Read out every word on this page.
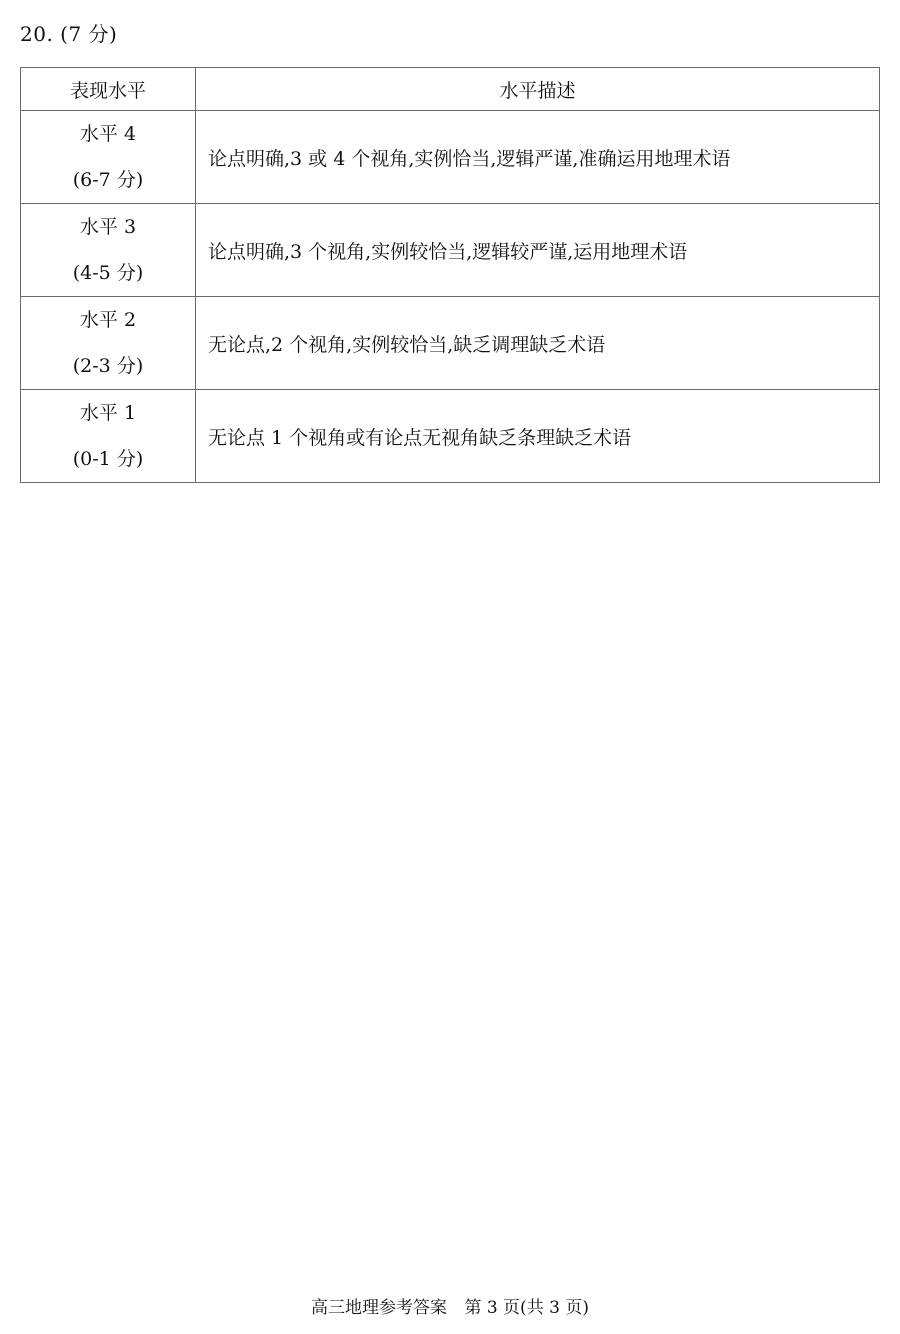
20. (7 分)
表现水平	水平描述

水平 4
(6-7 分)	论点明确,3 或 4 个视角,实例恰当,逻辑严谨,准确运用地理术语

水平 3
(4-5 分)	论点明确,3 个视角,实例较恰当,逻辑较严谨,运用地理术语

水平 2
(2-3 分)	无论点,2 个视角,实例较恰当,缺乏调理缺乏术语

水平 1
(0-1 分)	无论点 1 个视角或有论点无视角缺乏条理缺乏术语
高三地理参考答案 第 3 页(共 3 页)
